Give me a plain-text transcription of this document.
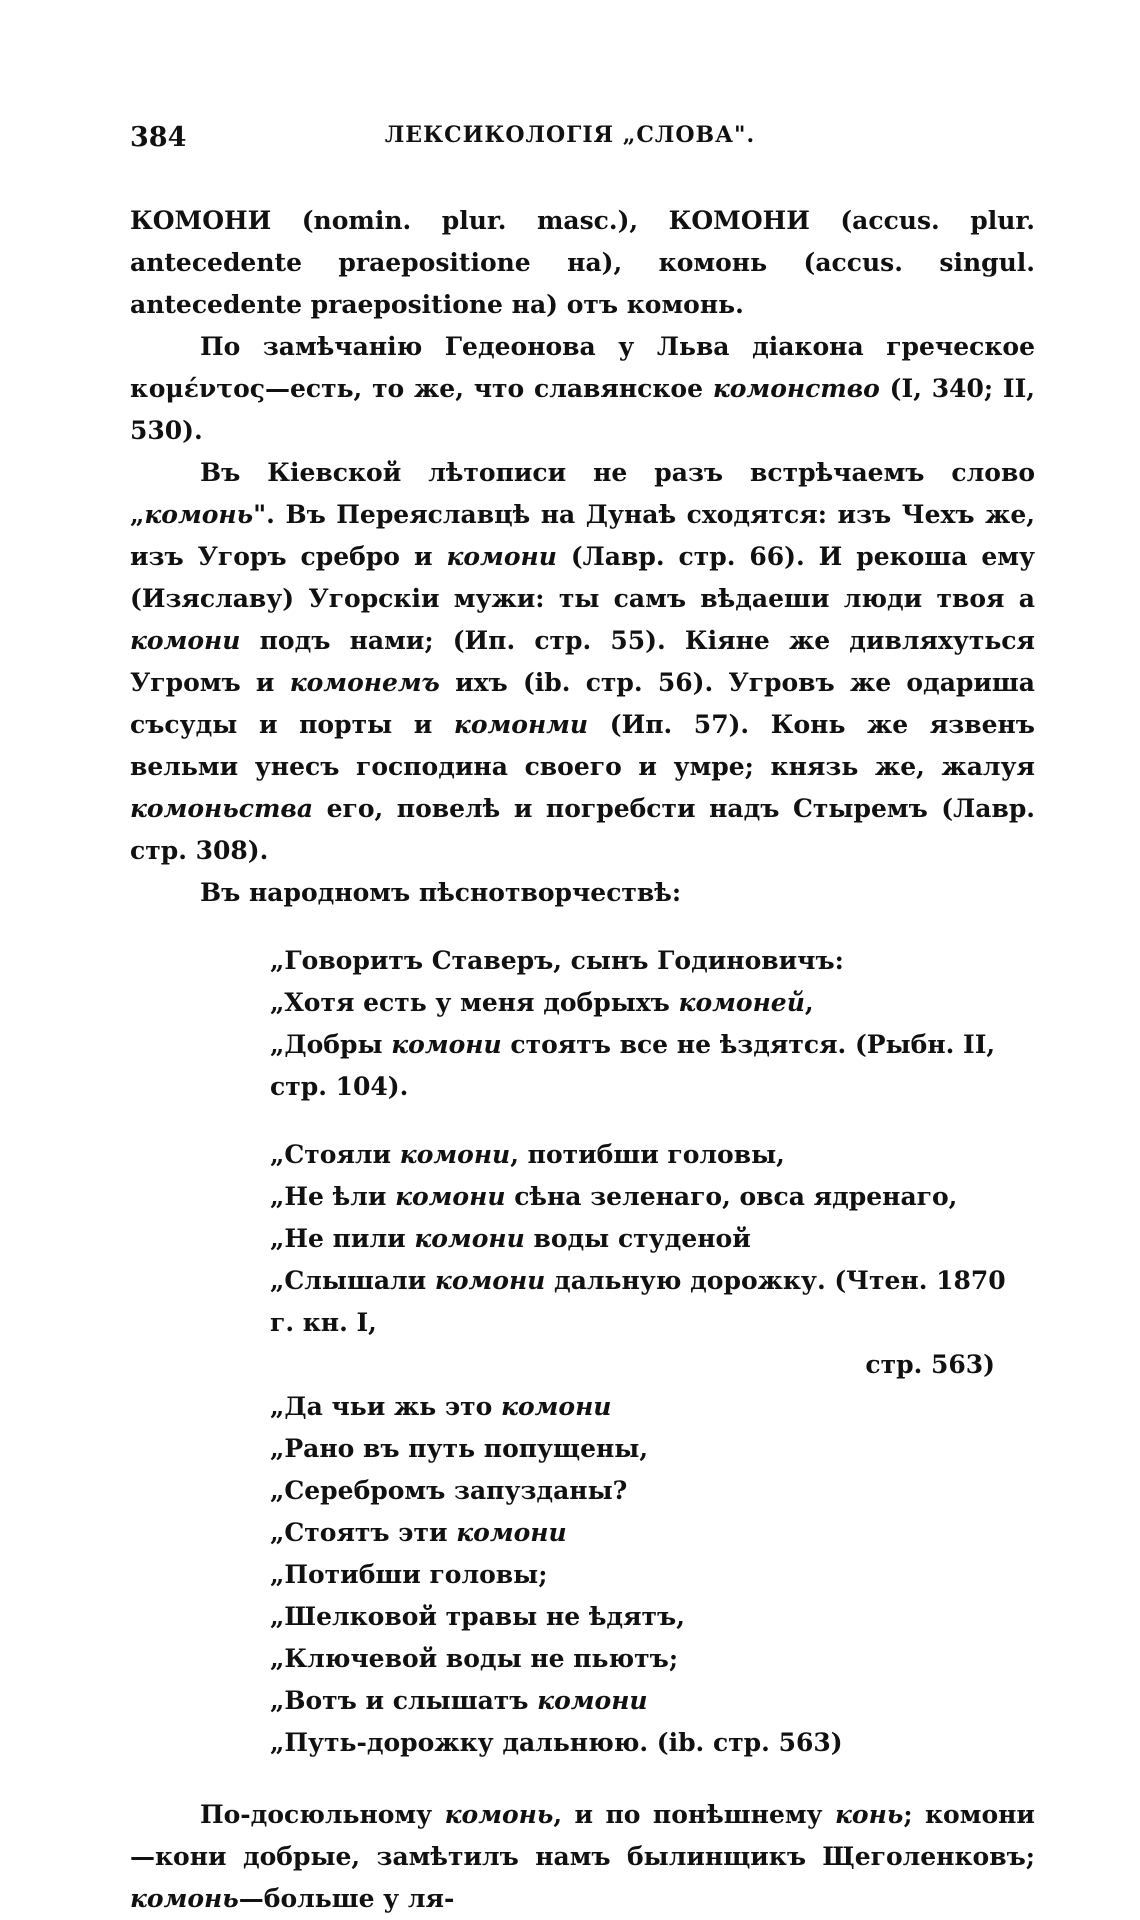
384	ЛЕКСИКОЛОГІЯ „СЛОВА".

КОМОНИ (nomin. plur. masc.), КОМОНИ (accus. plur. antecedente praepositione на), комонь (accus. singul. antecedente praepositione на) отъ комонь.

По замѣчанію Гедеонова у Льва діакона греческое κομέντος—есть, то же, что славянское комонство (I, 340; II, 530).

Въ Кіевской лѣтописи не разъ встрѣчаемъ слово „комонь". Въ Переяславцѣ на Дунаѣ сходятся: изъ Чехъ же, изъ Угоръ сребро и комони (Лавр. стр. 66). И рекоша ему (Изяславу) Угорскіи мужи: ты самъ вѣдаеши люди твоя а комони подъ нами; (Ип. стр. 55). Кіяне же дивляхуться Угромъ и комонемъ ихъ (ib. стр. 56). Угровъ же одариша съсуды и порты и комонми (Ип. 57). Конь же язвенъ вельми унесъ господина своего и умре; князь же, жалуя комоньства его, повелѣ и погребсти надъ Стыремъ (Лавр. стр. 308).

Въ народномъ пѣснотворчествѣ:

„Говоритъ Ставеръ, сынъ Годиновичъ:

„Хотя есть у меня добрыхъ комоней,

„Добры комони стоятъ все не ѣздятся. (Рыбн. II, стр. 104).

„Стояли комони, потибши головы,

„Не ѣли комони сѣна зеленаго, овса ядренаго,

„Не пили комони воды студеной

„Слышали комони дальную дорожку. (Чтен. 1870 г. кн. I,

стр. 563)

„Да чьи жь это комони

„Рано въ путь попущены,

„Серебромъ запузданы?

„Стоятъ эти комони

„Потибши головы;

„Шелковой травы не ѣдятъ,

„Ключевой воды не пьютъ;

„Вотъ и слышатъ комони

„Путь-дорожку дальнюю. (ib. стр. 563)

По-досюльному комонь, и по понѣшнему конь; комони—кони добрые, замѣтилъ намъ былинщикъ Щеголенковъ; комонь—больше у ля-
